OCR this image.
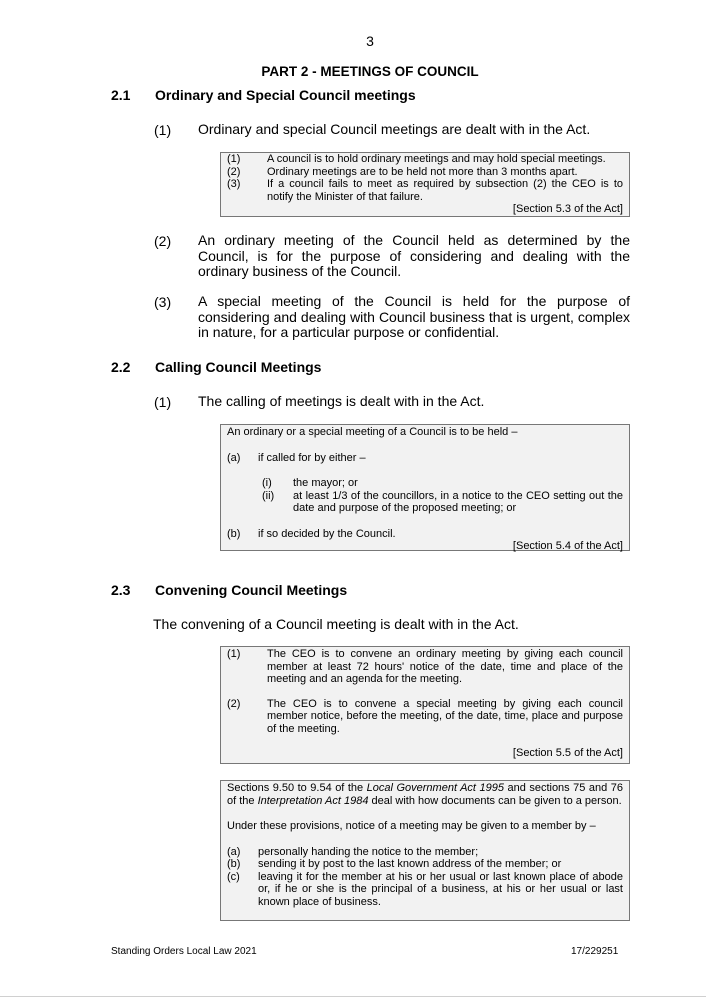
3
PART 2 - MEETINGS OF COUNCIL
2.1 Ordinary and Special Council meetings
(1) Ordinary and special Council meetings are dealt with in the Act.
(1)	A council is to hold ordinary meetings and may hold special meetings.
(2)	Ordinary meetings are to be held not more than 3 months apart.
(3)	If a council fails to meet as required by subsection (2) the CEO is to notify the Minister of that failure.
[Section 5.3 of the Act]
(2) An ordinary meeting of the Council held as determined by the Council, is for the purpose of considering and dealing with the ordinary business of the Council.
(3) A special meeting of the Council is held for the purpose of considering and dealing with Council business that is urgent, complex in nature, for a particular purpose or confidential.
2.2 Calling Council Meetings
(1) The calling of meetings is dealt with in the Act.
An ordinary or a special meeting of a Council is to be held –
(a)	if called for by either –
(i)	the mayor; or
(ii)	at least 1/3 of the councillors, in a notice to the CEO setting out the date and purpose of the proposed meeting; or
(b)	if so decided by the Council.
[Section 5.4 of the Act]
2.3 Convening Council Meetings
The convening of a Council meeting is dealt with in the Act.
(1)	The CEO is to convene an ordinary meeting by giving each council member at least 72 hours' notice of the date, time and place of the meeting and an agenda for the meeting.
(2)	The CEO is to convene a special meeting by giving each council member notice, before the meeting, of the date, time, place and purpose of the meeting.
[Section 5.5 of the Act]
Sections 9.50 to 9.54 of the Local Government Act 1995 and sections 75 and 76 of the Interpretation Act 1984 deal with how documents can be given to a person.
Under these provisions, notice of a meeting may be given to a member by –
(a)	personally handing the notice to the member;
(b)	sending it by post to the last known address of the member; or
(c)	leaving it for the member at his or her usual or last known place of abode or, if he or she is the principal of a business, at his or her usual or last known place of business.
Standing Orders Local Law 2021	17/229251
